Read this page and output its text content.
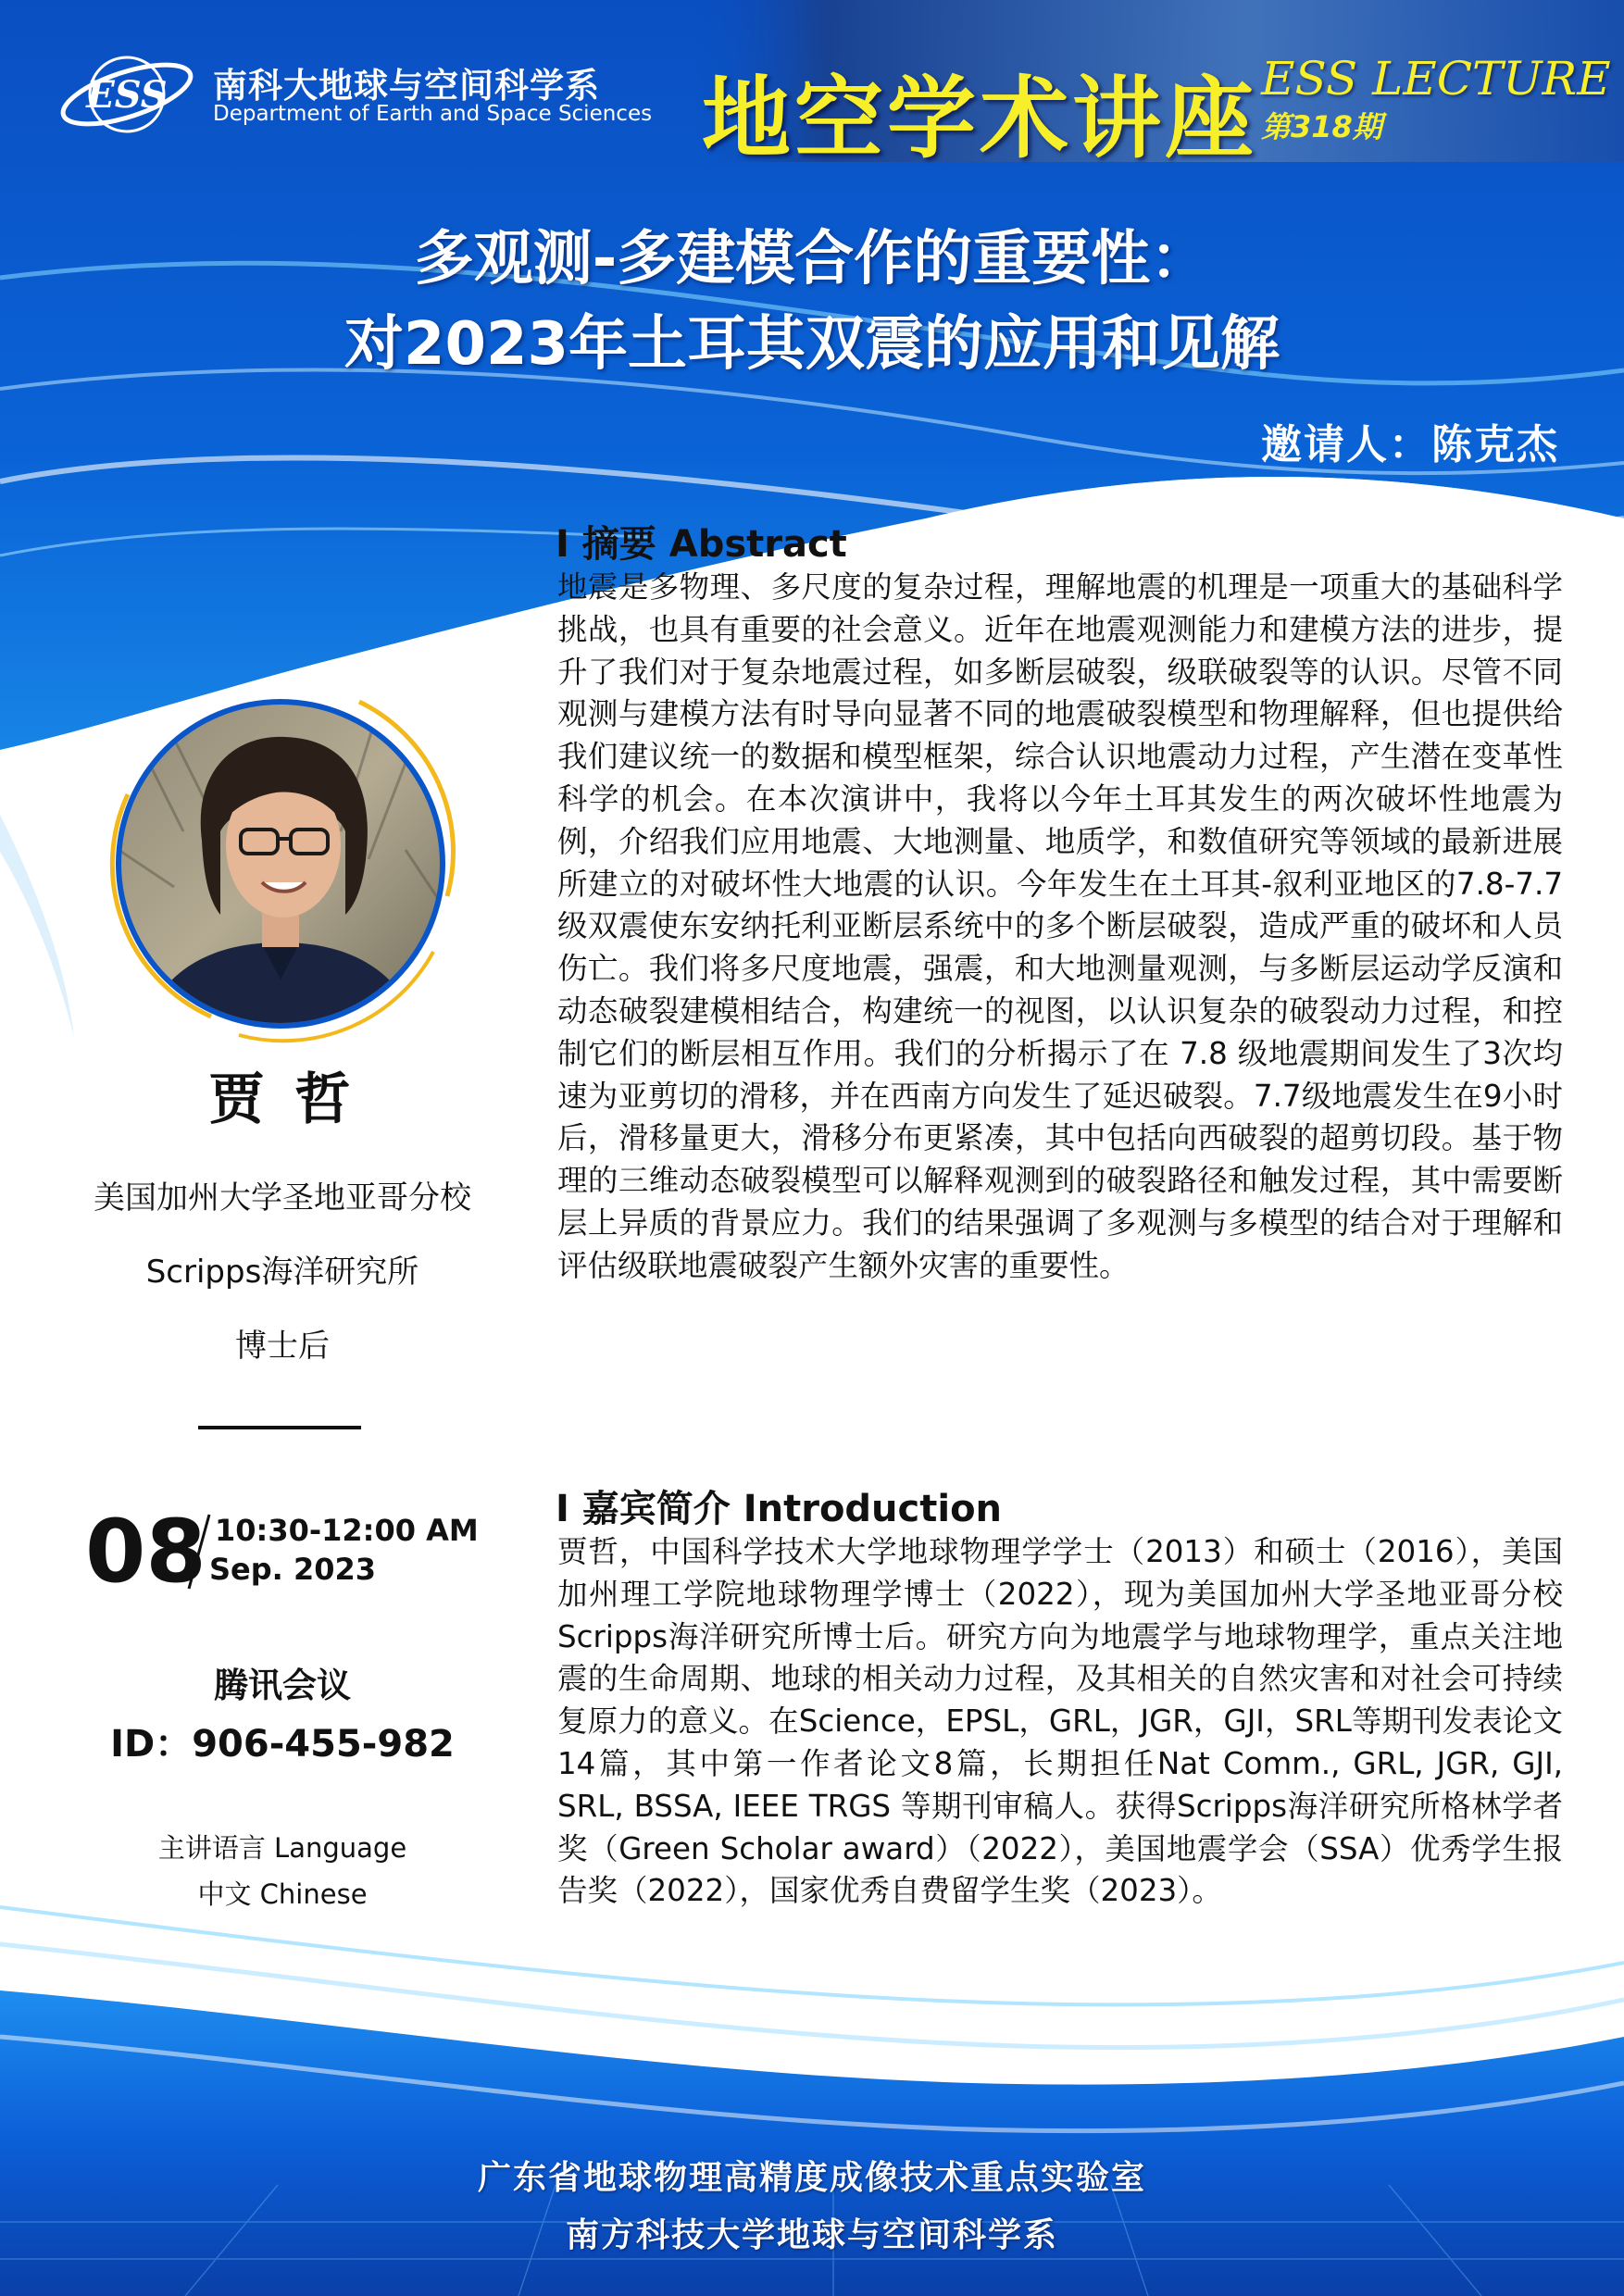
ESS 南科大地球与空间科学系
Department of Earth and Space Sciences 地空学术讲座 ESS LECTURE
第318期
多观测-多建模合作的重要性：
对2023年土耳其双震的应用和见解
邀请人：陈克杰
贾 哲
美国加州大学圣地亚哥分校
Scripps海洋研究所
博士后
08 10:30-12:00 AM
Sep. 2023
腾讯会议
ID：906-455-982
主讲语言 Language
中文 Chinese
I 摘要 Abstract
地震是多物理、多尺度的复杂过程，理解地震的机理是一项重大的基础科学挑战，也具有重要的社会意义。近年在地震观测能力和建模方法的进步，提升了我们对于复杂地震过程，如多断层破裂，级联破裂等的认识。尽管不同观测与建模方法有时导向显著不同的地震破裂模型和物理解释，但也提供给我们建议统一的数据和模型框架，综合认识地震动力过程，产生潜在变革性科学的机会。在本次演讲中，我将以今年土耳其发生的两次破坏性地震为例，介绍我们应用地震、大地测量、地质学，和数值研究等领域的最新进展所建立的对破坏性大地震的认识。今年发生在土耳其-叙利亚地区的7.8-7.7级双震使东安纳托利亚断层系统中的多个断层破裂，造成严重的破坏和人员伤亡。我们将多尺度地震，强震，和大地测量观测，与多断层运动学反演和动态破裂建模相结合，构建统一的视图，以认识复杂的破裂动力过程，和控制它们的断层相互作用。我们的分析揭示了在 7.8 级地震期间发生了3次均速为亚剪切的滑移，并在西南方向发生了延迟破裂。7.7级地震发生在9小时后，滑移量更大，滑移分布更紧凑，其中包括向西破裂的超剪切段。基于物理的三维动态破裂模型可以解释观测到的破裂路径和触发过程，其中需要断层上异质的背景应力。我们的结果强调了多观测与多模型的结合对于理解和评估级联地震破裂产生额外灾害的重要性。
I 嘉宾简介 Introduction
贾哲，中国科学技术大学地球物理学学士（2013）和硕士（2016），美国加州理工学院地球物理学博士（2022），现为美国加州大学圣地亚哥分校Scripps海洋研究所博士后。研究方向为地震学与地球物理学，重点关注地震的生命周期、地球的相关动力过程，及其相关的自然灾害和对社会可持续复原力的意义。在Science，EPSL，GRL，JGR，GJI，SRL等期刊发表论文14篇，其中第一作者论文8篇，长期担任Nat Comm., GRL, JGR, GJI, SRL, BSSA, IEEE TRGS 等期刊审稿人。获得Scripps海洋研究所格林学者奖（Green Scholar award）（2022），美国地震学会（SSA）优秀学生报告奖（2022），国家优秀自费留学生奖（2023）。
广东省地球物理高精度成像技术重点实验室
南方科技大学地球与空间科学系
